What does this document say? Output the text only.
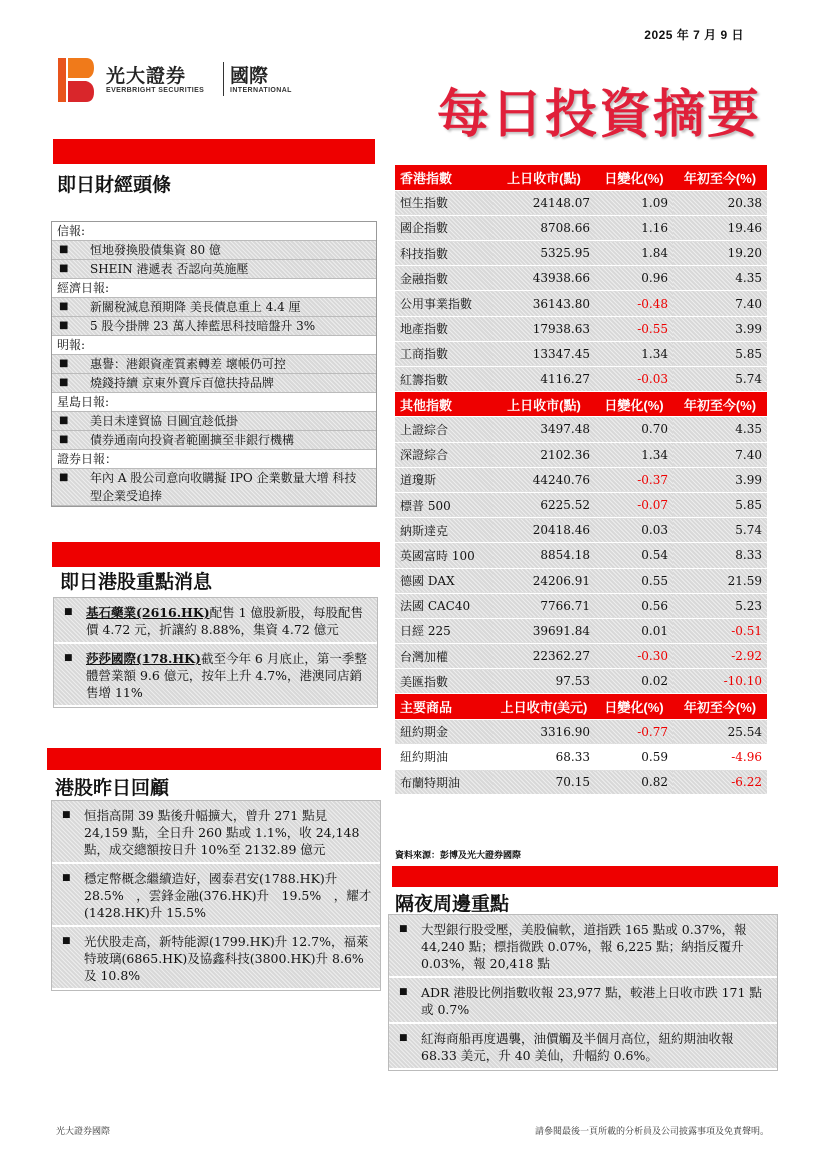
2025 年 7 月 9 日
光大證券 國際
EVERBRIGHT SECURITIES	INTERNATIONAL	每日投資摘要
即日財經頭條
信報:
■ 恒地發換股債集資 80 億
■ SHEIN 港遞表 否認向英施壓
經濟日報:
■ 新關稅減息預期降 美長債息重上 4.4 厘
■ 5 股今掛牌 23 萬人捧藍思科技暗盤升 3%
明報:
■ 惠譽：港銀資產質素轉差 壞帳仍可控
■ 燒錢持續 京東外賣斥百億扶持品牌
星島日報:
■ 美日未達貿協 日圓宜趁低掛
■ 債券通南向投資者範圍擴至非銀行機構
證券日報：
■ 年內 A 股公司意向收購擬 IPO 企業數量大增 科技型企業受追捧
即日港股重點消息
■ 基石藥業(2616.HK)配售 1 億股新股，每股配售價 4.72 元，折讓約 8.88%，集資 4.72 億元
■ 莎莎國際(178.HK)截至今年 6 月底止，第一季整體營業額 9.6 億元，按年上升 4.7%，港澳同店銷售增 11%
港股昨日回顧
■ 恒指高開 39 點後升幅擴大，曾升 271 點見 24,159 點，全日升 260 點或 1.1%，收 24,148 點，成交總額按日升 10%至 2132.89 億元
■ 穩定幣概念繼續造好，國泰君安(1788.HK)升 28.5%　，雲鋒金融(376.HK)升　19.5%　，耀才(1428.HK)升 15.5%
■ 光伏股走高，新特能源(1799.HK)升 12.7%，福萊特玻璃(6865.HK)及協鑫科技(3800.HK)升 8.6%及 10.8%
香港指數	上日收市(點)	日變化(%)	年初至今(%)
恒生指數	24148.07	1.09	20.38
國企指數	8708.66	1.16	19.46
科技指數	5325.95	1.84	19.20
金融指數	43938.66	0.96	4.35
公用事業指數	36143.80	-0.48	7.40
地產指數	17938.63	-0.55	3.99
工商指數	13347.45	1.34	5.85
紅籌指數	4116.27	-0.03	5.74
其他指數	上日收市(點)	日變化(%)	年初至今(%)
上證綜合	3497.48	0.70	4.35
深證綜合	2102.36	1.34	7.40
道瓊斯	44240.76	-0.37	3.99
標普 500	6225.52	-0.07	5.85
納斯達克	20418.46	0.03	5.74
英國富時 100	8854.18	0.54	8.33
德國 DAX	24206.91	0.55	21.59
法國 CAC40	7766.71	0.56	5.23
日經 225	39691.84	0.01	-0.51
台灣加權	22362.27	-0.30	-2.92
美匯指數	97.53	0.02	-10.10
主要商品	上日收市(美元)	日變化(%)	年初至今(%)
紐約期金	3316.90	-0.77	25.54
紐約期油	68.33	0.59	-4.96
布蘭特期油	70.15	0.82	-6.22
資料來源：彭博及光大證券國際
隔夜周邊重點
■ 大型銀行股受壓，美股偏軟，道指跌 165 點或 0.37%，報 44,240 點；標指微跌 0.07%，報 6,225 點；納指反覆升 0.03%，報 20,418 點
■ ADR 港股比例指數收報 23,977 點，較港上日收市跌 171 點或 0.7%
■ 紅海商船再度遇襲，油價觸及半個月高位，紐約期油收報 68.33 美元，升 40 美仙，升幅約 0.6%。
光大證券國際	請參閱最後一頁所載的分析員及公司披露事項及免責聲明。
